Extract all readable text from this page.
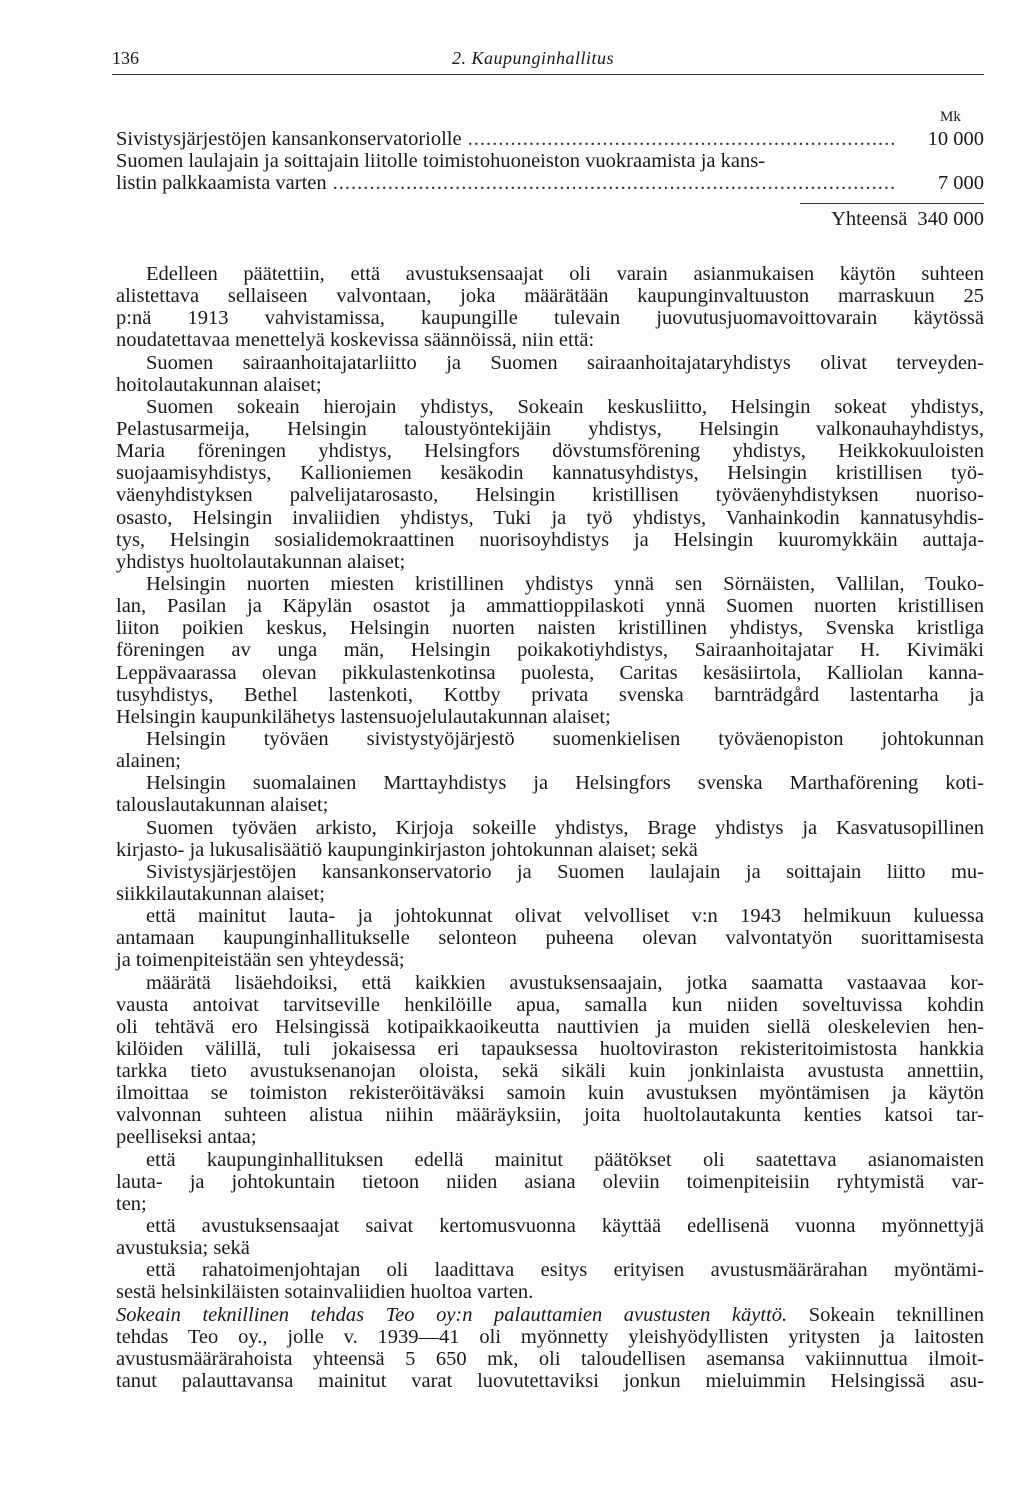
136	2. Kaupunginhallitus
Mk
Sivistysjärjestöjen kansankonservatoriolle .....	10 000
Suomen laulajain ja soittajain liitolle toimistohuoneiston vuokraamista ja kans-
listin palkkaamista varten .....	7 000
Yhteensä 340 000
Edelleen päätettiin, että avustuksensaajat oli varain asianmukaisen käytön suhteen
alistettava sellaiseen valvontaan, joka määrätään kaupunginvaltuuston marraskuun 25
p:nä 1913 vahvistamissa, kaupungille tulevain juovutusjuomavoittovarain käytössä
noudatettavaa menettelyä koskevissa säännöissä, niin että:
Suomen sairaanhoitajatarliitto ja Suomen sairaanhoitajataryhdistys olivat terveyden-
hoitolautakunnan alaiset;
Suomen sokeain hierojain yhdistys, Sokeain keskusliitto, Helsingin sokeat yhdistys,
Pelastusarmeija, Helsingin taloustyöntekijäin yhdistys, Helsingin valkonauhayhdistys,
Maria föreningen yhdistys, Helsingfors dövstumsförening yhdistys, Heikkokuuloisten
suojaamisyhdistys, Kallioniemen kesäkodin kannatusyhdistys, Helsingin kristillisen työ-
väenyhdistyksen palvelijatarosasto, Helsingin kristillisen työväenyhdistyksen nuoriso-
osasto, Helsingin invaliidien yhdistys, Tuki ja työ yhdistys, Vanhainkodin kannatusyhdis-
tys, Helsingin sosialidemokraattinen nuorisoyhdistys ja Helsingin kuuromykkäin auttaja-
yhdistys huoltolautakunnan alaiset;
Helsingin nuorten miesten kristillinen yhdistys ynnä sen Sörnäisten, Vallilan, Touko-
lan, Pasilan ja Käpylän osastot ja ammattioppilaskoti ynnä Suomen nuorten kristillisen
liiton poikien keskus, Helsingin nuorten naisten kristillinen yhdistys, Svenska kristliga
föreningen av unga män, Helsingin poikakotiyhdistys, Sairaanhoitajatar H. Kivimäki
Leppävaarassa olevan pikkulastenkotinsa puolesta, Caritas kesäsiirtola, Kalliolan kanna-
tusyhdistys, Bethel lastenkoti, Kottby privata svenska barnträdgård lastentarha ja
Helsingin kaupunkilähetys lastensuojelulautakunnan alaiset;
Helsingin työväen sivistystyöjärjestö suomenkielisen työväenopiston johtokunnan
alainen;
Helsingin suomalainen Marttayhdistys ja Helsingfors svenska Marthaförening koti-
talouslautakunnan alaiset;
Suomen työväen arkisto, Kirjoja sokeille yhdistys, Brage yhdistys ja Kasvatusopillinen
kirjasto- ja lukusalisäätiö kaupunginkirjaston johtokunnan alaiset; sekä
Sivistysjärjestöjen kansankonservatorio ja Suomen laulajain ja soittajain liitto mu-
siikkilautakunnan alaiset;
että mainitut lauta- ja johtokunnat olivat velvolliset v:n 1943 helmikuun kuluessa
antamaan kaupunginhallitukselle selonteon puheena olevan valvontatyön suorittamisesta
ja toimenpiteistään sen yhteydessä;
määrätä lisäehdoiksi, että kaikkien avustuksensaajain, jotka saamatta vastaavaa kor-
vausta antoivat tarvitseville henkilöille apua, samalla kun niiden soveltuvissa kohdin
oli tehtävä ero Helsingissä kotipaikkaoikeutta nauttivien ja muiden siellä oleskelevien hen-
kilöiden välillä, tuli jokaisessa eri tapauksessa huoltoviraston rekisteritoimistosta hankkia
tarkka tieto avustuksenanojan oloista, sekä sikäli kuin jonkinlaista avustusta annettiin,
ilmoittaa se toimiston rekisteröitäväksi samoin kuin avustuksen myöntämisen ja käytön
valvonnan suhteen alistua niihin määräyksiin, joita huoltolautakunta kenties katsoi tar-
peelliseksi antaa;
että kaupunginhallituksen edellä mainitut päätökset oli saatettava asianomaisten
lauta- ja johtokuntain tietoon niiden asiana oleviin toimenpiteisiin ryhtymistä var-
ten;
että avustuksensaajat saivat kertomusvuonna käyttää edellisenä vuonna myönnettyjä
avustuksia; sekä
että rahatoimenjohtajan oli laadittava esitys erityisen avustusmäärärahan myöntämi-
sestä helsinkiläisten sotainvaliidien huoltoa varten.
Sokeain teknillinen tehdas Teo oy:n palauttamien avustusten käyttö. Sokeain teknillinen
tehdas Teo oy., jolle v. 1939—41 oli myönnetty yleishyödyllisten yritysten ja laitosten
avustusmäärärahoista yhteensä 5 650 mk, oli taloudellisen asemansa vakiinnuttua ilmoit-
tanut palauttavansa mainitut varat luovutettaviksi jonkun mieluimmin Helsingissä asu-
